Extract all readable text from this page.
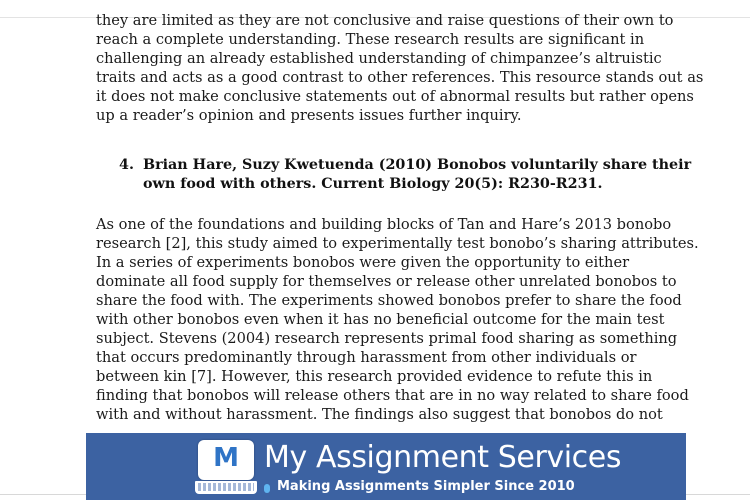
they are limited as they are not conclusive and raise questions of their own to
reach a complete understanding. These research results are significant in
challenging an already established understanding of chimpanzee’s altruistic
traits and acts as a good contrast to other references. This resource stands out as
it does not make conclusive statements out of abnormal results but rather opens
up a reader’s opinion and presents issues further inquiry.
4. Brian Hare, Suzy Kwetuenda (2010) Bonobos voluntarily share their
own food with others. Current Biology 20(5): R230-R231.
As one of the foundations and building blocks of Tan and Hare’s 2013 bonobo
research [2], this study aimed to experimentally test bonobo’s sharing attributes.
In a series of experiments bonobos were given the opportunity to either
dominate all food supply for themselves or release other unrelated bonobos to
share the food with. The experiments showed bonobos prefer to share the food
with other bonobos even when it has no beneficial outcome for the main test
subject. Stevens (2004) research represents primal food sharing as something
that occurs predominantly through harassment from other individuals or
between kin [7]. However, this research provided evidence to refute this in
finding that bonobos will release others that are in no way related to share food
with and without harassment. The findings also suggest that bonobos do not
M My Assignment Services
Making Assignments Simpler Since 2010
